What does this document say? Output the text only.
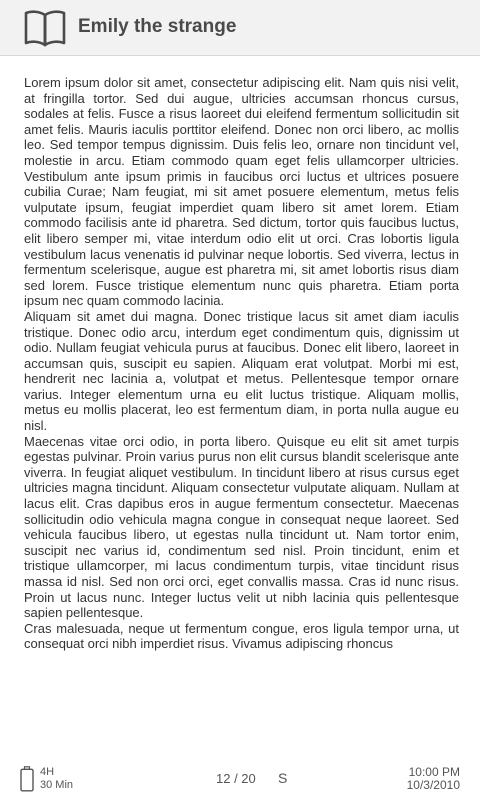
Emily the strange

Lorem ipsum dolor sit amet, consectetur adipiscing elit. Nam quis nisi velit, at fringilla tortor. Sed dui augue, ultricies accumsan rhoncus cursus, sodales at felis. Fusce a risus laoreet dui eleifend fermentum sollicitudin sit amet felis. Mauris iaculis porttitor eleifend. Donec non orci libero, ac mollis leo. Sed tempor tempus dignissim. Duis felis leo, ornare non tincidunt vel, molestie in arcu. Etiam commodo quam eget felis ullamcorper ultricies. Vestibulum ante ipsum primis in faucibus orci luctus et ultrices posuere cubilia Curae; Nam feugiat, mi sit amet posuere elementum, metus felis vulputate ipsum, feugiat imperdiet quam libero sit amet lorem. Etiam commodo facilisis ante id pharetra. Sed dictum, tortor quis faucibus luctus, elit libero semper mi, vitae interdum odio elit ut orci. Cras lobortis ligula vestibulum lacus venenatis id pulvinar neque lobortis. Sed viverra, lectus in fermentum scelerisque, augue est pharetra mi, sit amet lobortis risus diam sed lorem. Fusce tristique elementum nunc quis pharetra. Etiam porta ipsum nec quam commodo lacinia.

Aliquam sit amet dui magna. Donec tristique lacus sit amet diam iaculis tristique. Donec odio arcu, interdum eget condimentum quis, dignissim ut odio. Nullam feugiat vehicula purus at faucibus. Donec elit libero, laoreet in accumsan quis, suscipit eu sapien. Aliquam erat volutpat. Morbi mi est, hendrerit nec lacinia a, volutpat et metus. Pellentesque tempor ornare varius. Integer elementum urna eu elit luctus tristique. Aliquam mollis, metus eu mollis placerat, leo est fermentum diam, in porta nulla augue eu nisl.

Maecenas vitae orci odio, in porta libero. Quisque eu elit sit amet turpis egestas pulvinar. Proin varius purus non elit cursus blandit scelerisque ante viverra. In feugiat aliquet vestibulum. In tincidunt libero at risus cursus eget ultricies magna tincidunt. Aliquam consectetur vulputate aliquam. Nullam at lacus elit. Cras dapibus eros in augue fermentum consectetur. Maecenas sollicitudin odio vehicula magna congue in consequat neque laoreet. Sed vehicula faucibus libero, ut egestas nulla tincidunt ut. Nam tortor enim, suscipit nec varius id, condimentum sed nisl. Proin tincidunt, enim et tristique ullamcorper, mi lacus condimentum turpis, vitae tincidunt risus massa id nisl. Sed non orci orci, eget convallis massa. Cras id nunc risus. Proin ut lacus nunc. Integer luctus velit ut nibh lacinia quis pellentesque sapien pellentesque.

Cras malesuada, neque ut fermentum congue, eros ligula tempor urna, ut consequat orci nibh imperdiet risus. Vivamus adipiscing rhoncus

4H
30 Min	12 / 20 S	10:00 PM
10/3/2010
